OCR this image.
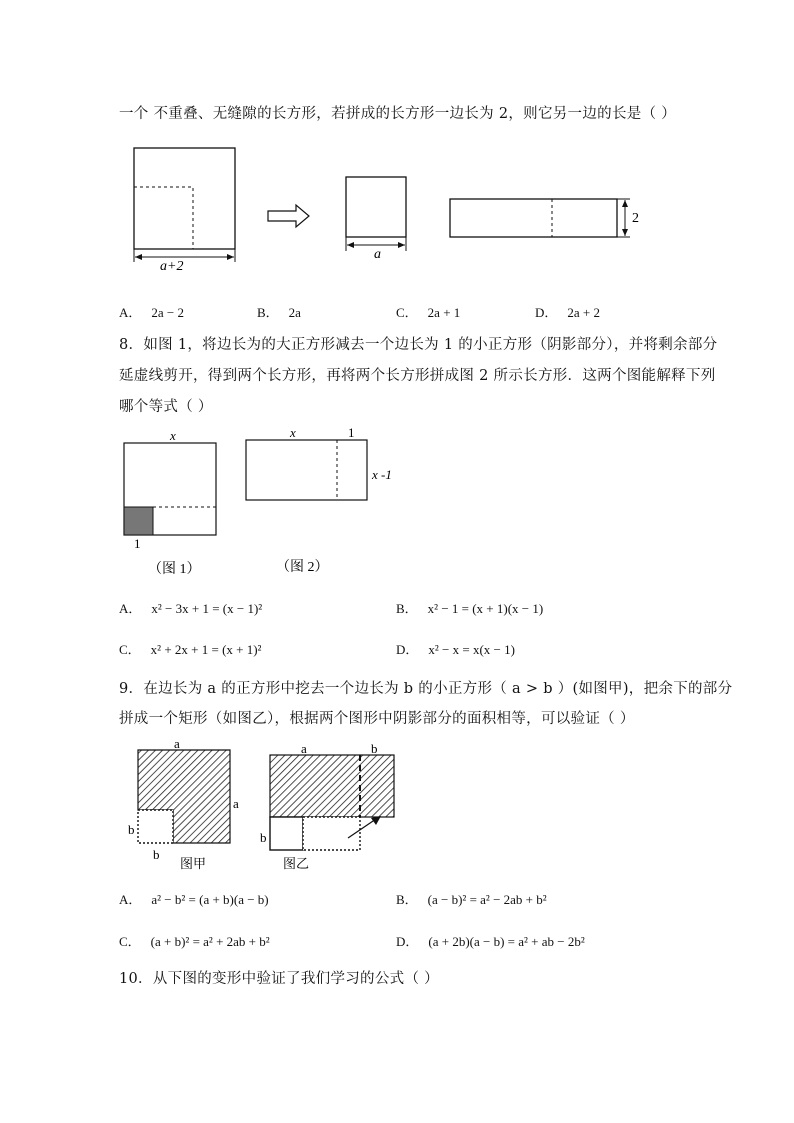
一个 不重叠、无缝隙的长方形，若拼成的长方形一边长为 2，则它另一边的长是（ ）
a+2
a
2
A． 2a − 2	B． 2a	C． 2a + 1	D． 2a + 2
8．如图 1，将边长为的大正方形减去一个边长为 1 的小正方形（阴影部分），并将剩余部分
延虚线剪开，得到两个长方形，再将两个长方形拼成图 2 所示长方形．这两个图能解释下列
哪个等式（ ）
x
1
（图 1）
x	1
x -1
（图 2）
A． x² − 3x + 1 = (x − 1)²	B． x² − 1 = (x + 1)(x − 1)
C． x² + 2x + 1 = (x + 1)²	D． x² − x = x(x − 1)
9．在边长为 a 的正方形中挖去一个边长为 b 的小正方形（ a > b ）(如图甲)，把余下的部分
拼成一个矩形（如图乙），根据两个图形中阴影部分的面积相等，可以验证（ ）
a
a
b
b
图甲
a	b
b
图乙
A． a² − b² = (a + b)(a − b)	B． (a − b)² = a² − 2ab + b²
C． (a + b)² = a² + 2ab + b²	D． (a + 2b)(a − b) = a² + ab − 2b²
10．从下图的变形中验证了我们学习的公式（ ）
